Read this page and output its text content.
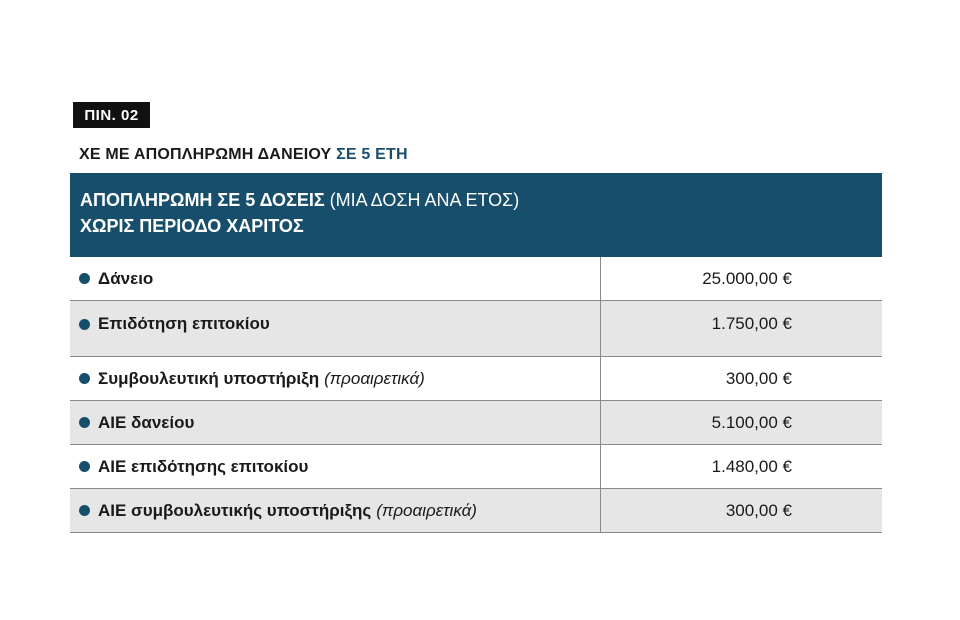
ΠΙΝ. 02
ΧΕ ΜΕ ΑΠΟΠΛΗΡΩΜΗ ΔΑΝΕΙΟΥ ΣΕ 5 ΕΤΗ
ΑΠΟΠΛΗΡΩΜΗ ΣΕ 5 ΔΟΣΕΙΣ (ΜΙΑ ΔΟΣΗ ΑΝΑ ΕΤΟΣ)
ΧΩΡΙΣ ΠΕΡΙΟΔΟ ΧΑΡΙΤΟΣ
Δάνειο	25.000,00 €
Επιδότηση επιτοκίου	1.750,00 €
Συμβουλευτική υποστήριξη (προαιρετικά)	300,00 €
ΑΙΕ δανείου	5.100,00 €
ΑΙΕ επιδότησης επιτοκίου	1.480,00 €
ΑΙΕ συμβουλευτικής υποστήριξης (προαιρετικά)	300,00 €
